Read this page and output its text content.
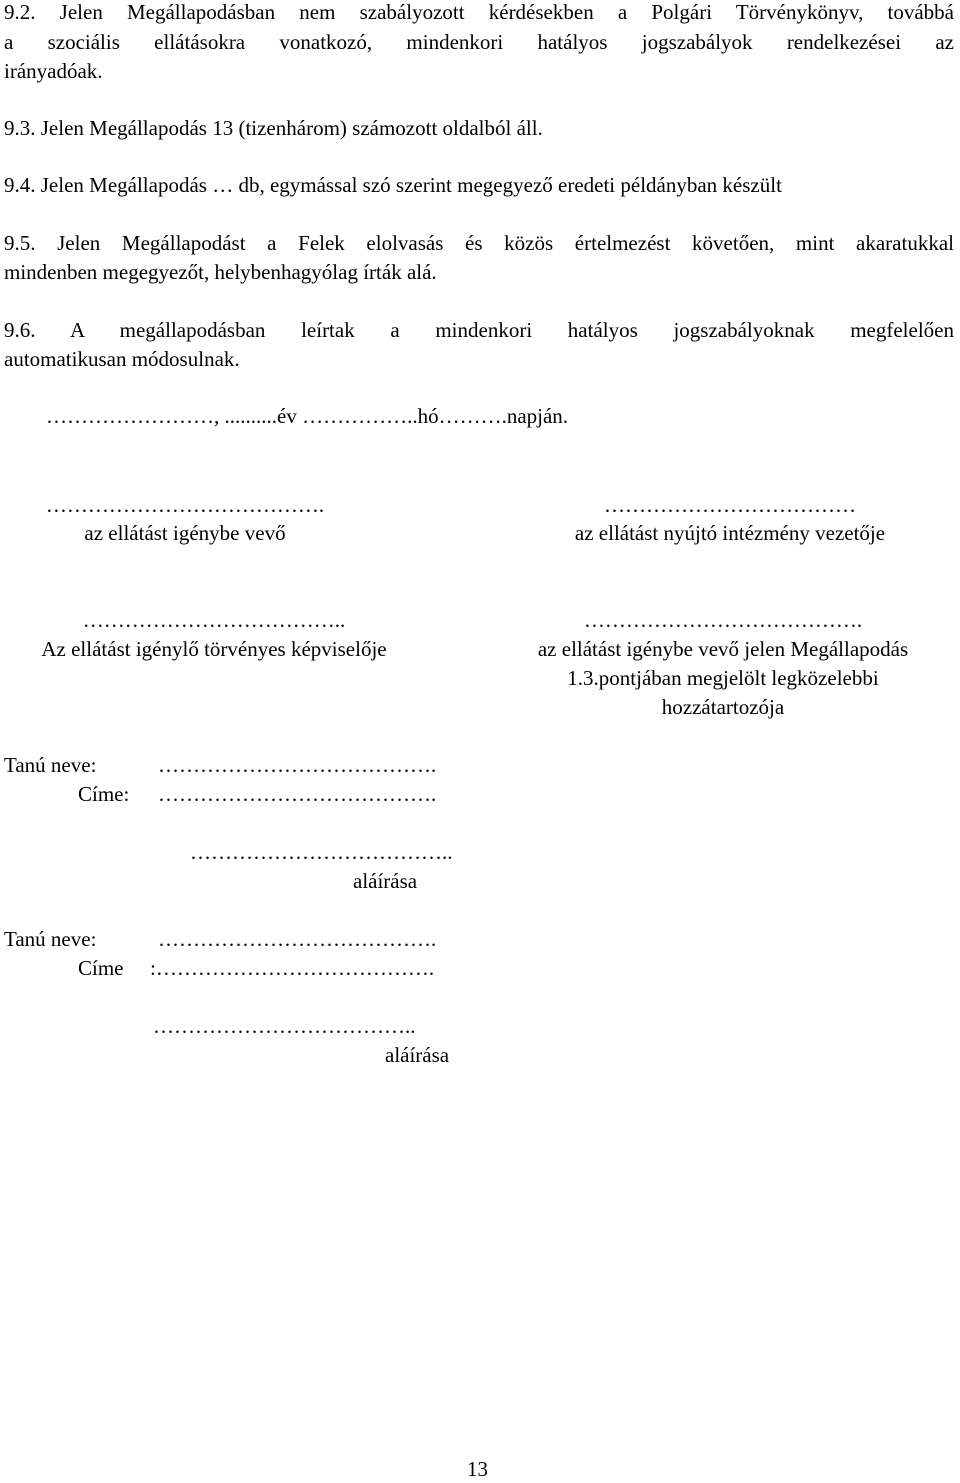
9.2. Jelen Megállapodásban nem szabályozott kérdésekben a Polgári Törvénykönyv, továbbá
a szociális ellátásokra vonatkozó, mindenkori hatályos jogszabályok rendelkezései az
irányadóak.
9.3. Jelen Megállapodás 13 (tizenhárom) számozott oldalból áll.
9.4. Jelen Megállapodás … db, egymással szó szerint megegyező eredeti példányban készült
9.5. Jelen Megállapodást a Felek elolvasás és közös értelmezést követően, mint akaratukkal
mindenben megegyezőt, helybenhagyólag írták alá.
9.6. A megállapodásban leírtak a mindenkori hatályos jogszabályoknak megfelelően
automatikusan módosulnak.
……………………, ..........év ……………..hó……….napján.
………………………………….
az ellátást igénybe vevő
………………………………
az ellátást nyújtó intézmény vezetője
………………………………..
Az ellátást igénylő törvényes képviselője
………………………………….
az ellátást igénybe vevő jelen Megállapodás
1.3.pontjában megjelölt legközelebbi
hozzátartozója
Tanú neve:	………………………………….
Címe: ………………………………….
………………………………..
aláírása
Tanú neve:	………………………………….
Címe :………………………………….
………………………………..
aláírása
13
